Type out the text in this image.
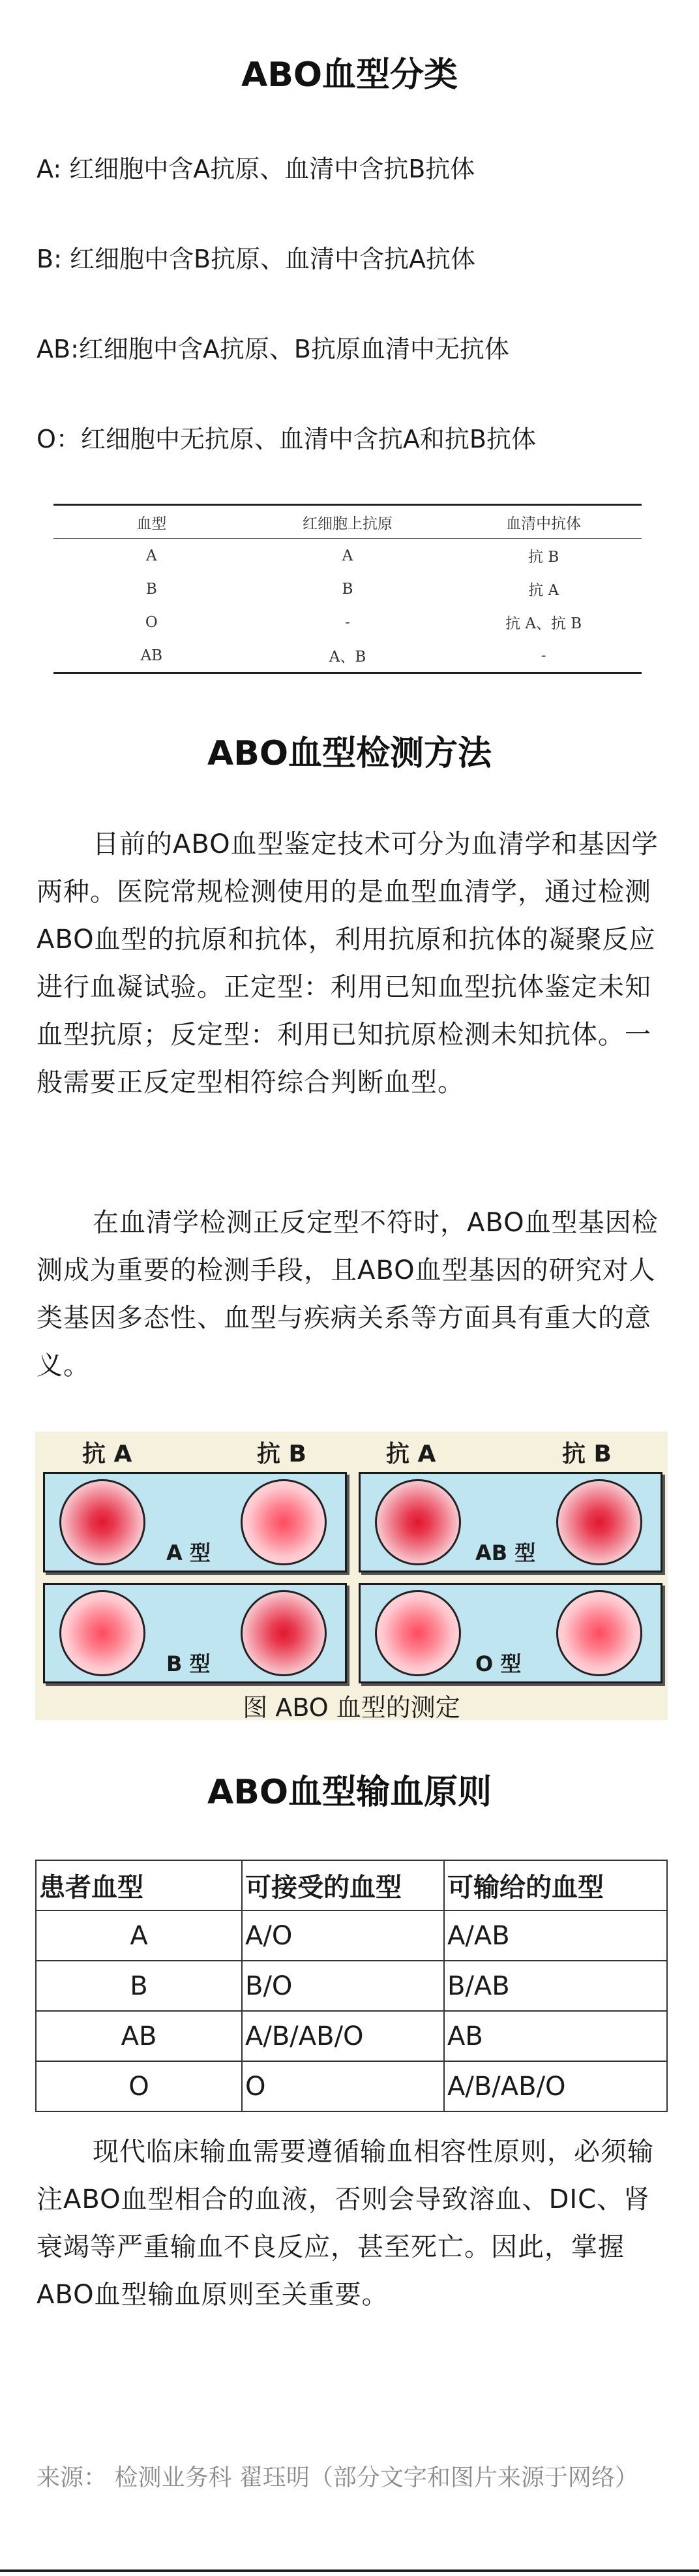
ABO血型分类
A: 红细胞中含A抗原、血清中含抗B抗体
B: 红细胞中含B抗原、血清中含抗A抗体
AB:红细胞中含A抗原、B抗原血清中无抗体
O：红细胞中无抗原、血清中含抗A和抗B抗体
血型	红细胞上抗原	血清中抗体
A	A	抗 B
B	B	抗 A
O	-	抗 A、抗 B
AB	A、B	-
ABO血型检测方法

目前的ABO血型鉴定技术可分为血清学和基因学两种。医院常规检测使用的是血型血清学，通过检测ABO血型的抗原和抗体，利用抗原和抗体的凝聚反应进行血凝试验。正定型：利用已知血型抗体鉴定未知血型抗原；反定型：利用已知抗原检测未知抗体。一般需要正反定型相符综合判断血型。

在血清学检测正反定型不符时，ABO血型基因检测成为重要的检测手段，且ABO血型基因的研究对人类基因多态性、血型与疾病关系等方面具有重大的意义。

抗 A	抗 B	抗 A	抗 B
A 型	AB 型
B 型	O 型
图 ABO 血型的测定
ABO血型输血原则
患者血型	可接受的血型	可输给的血型
A	A/O	A/AB
B	B/O	B/AB
AB	A/B/AB/O	AB
O	O	A/B/AB/O

现代临床输血需要遵循输血相容性原则，必须输注ABO血型相合的血液，否则会导致溶血、DIC、肾衰竭等严重输血不良反应，甚至死亡。因此，掌握ABO血型输血原则至关重要。

来源： 检测业务科 翟珏明（部分文字和图片来源于网络）
